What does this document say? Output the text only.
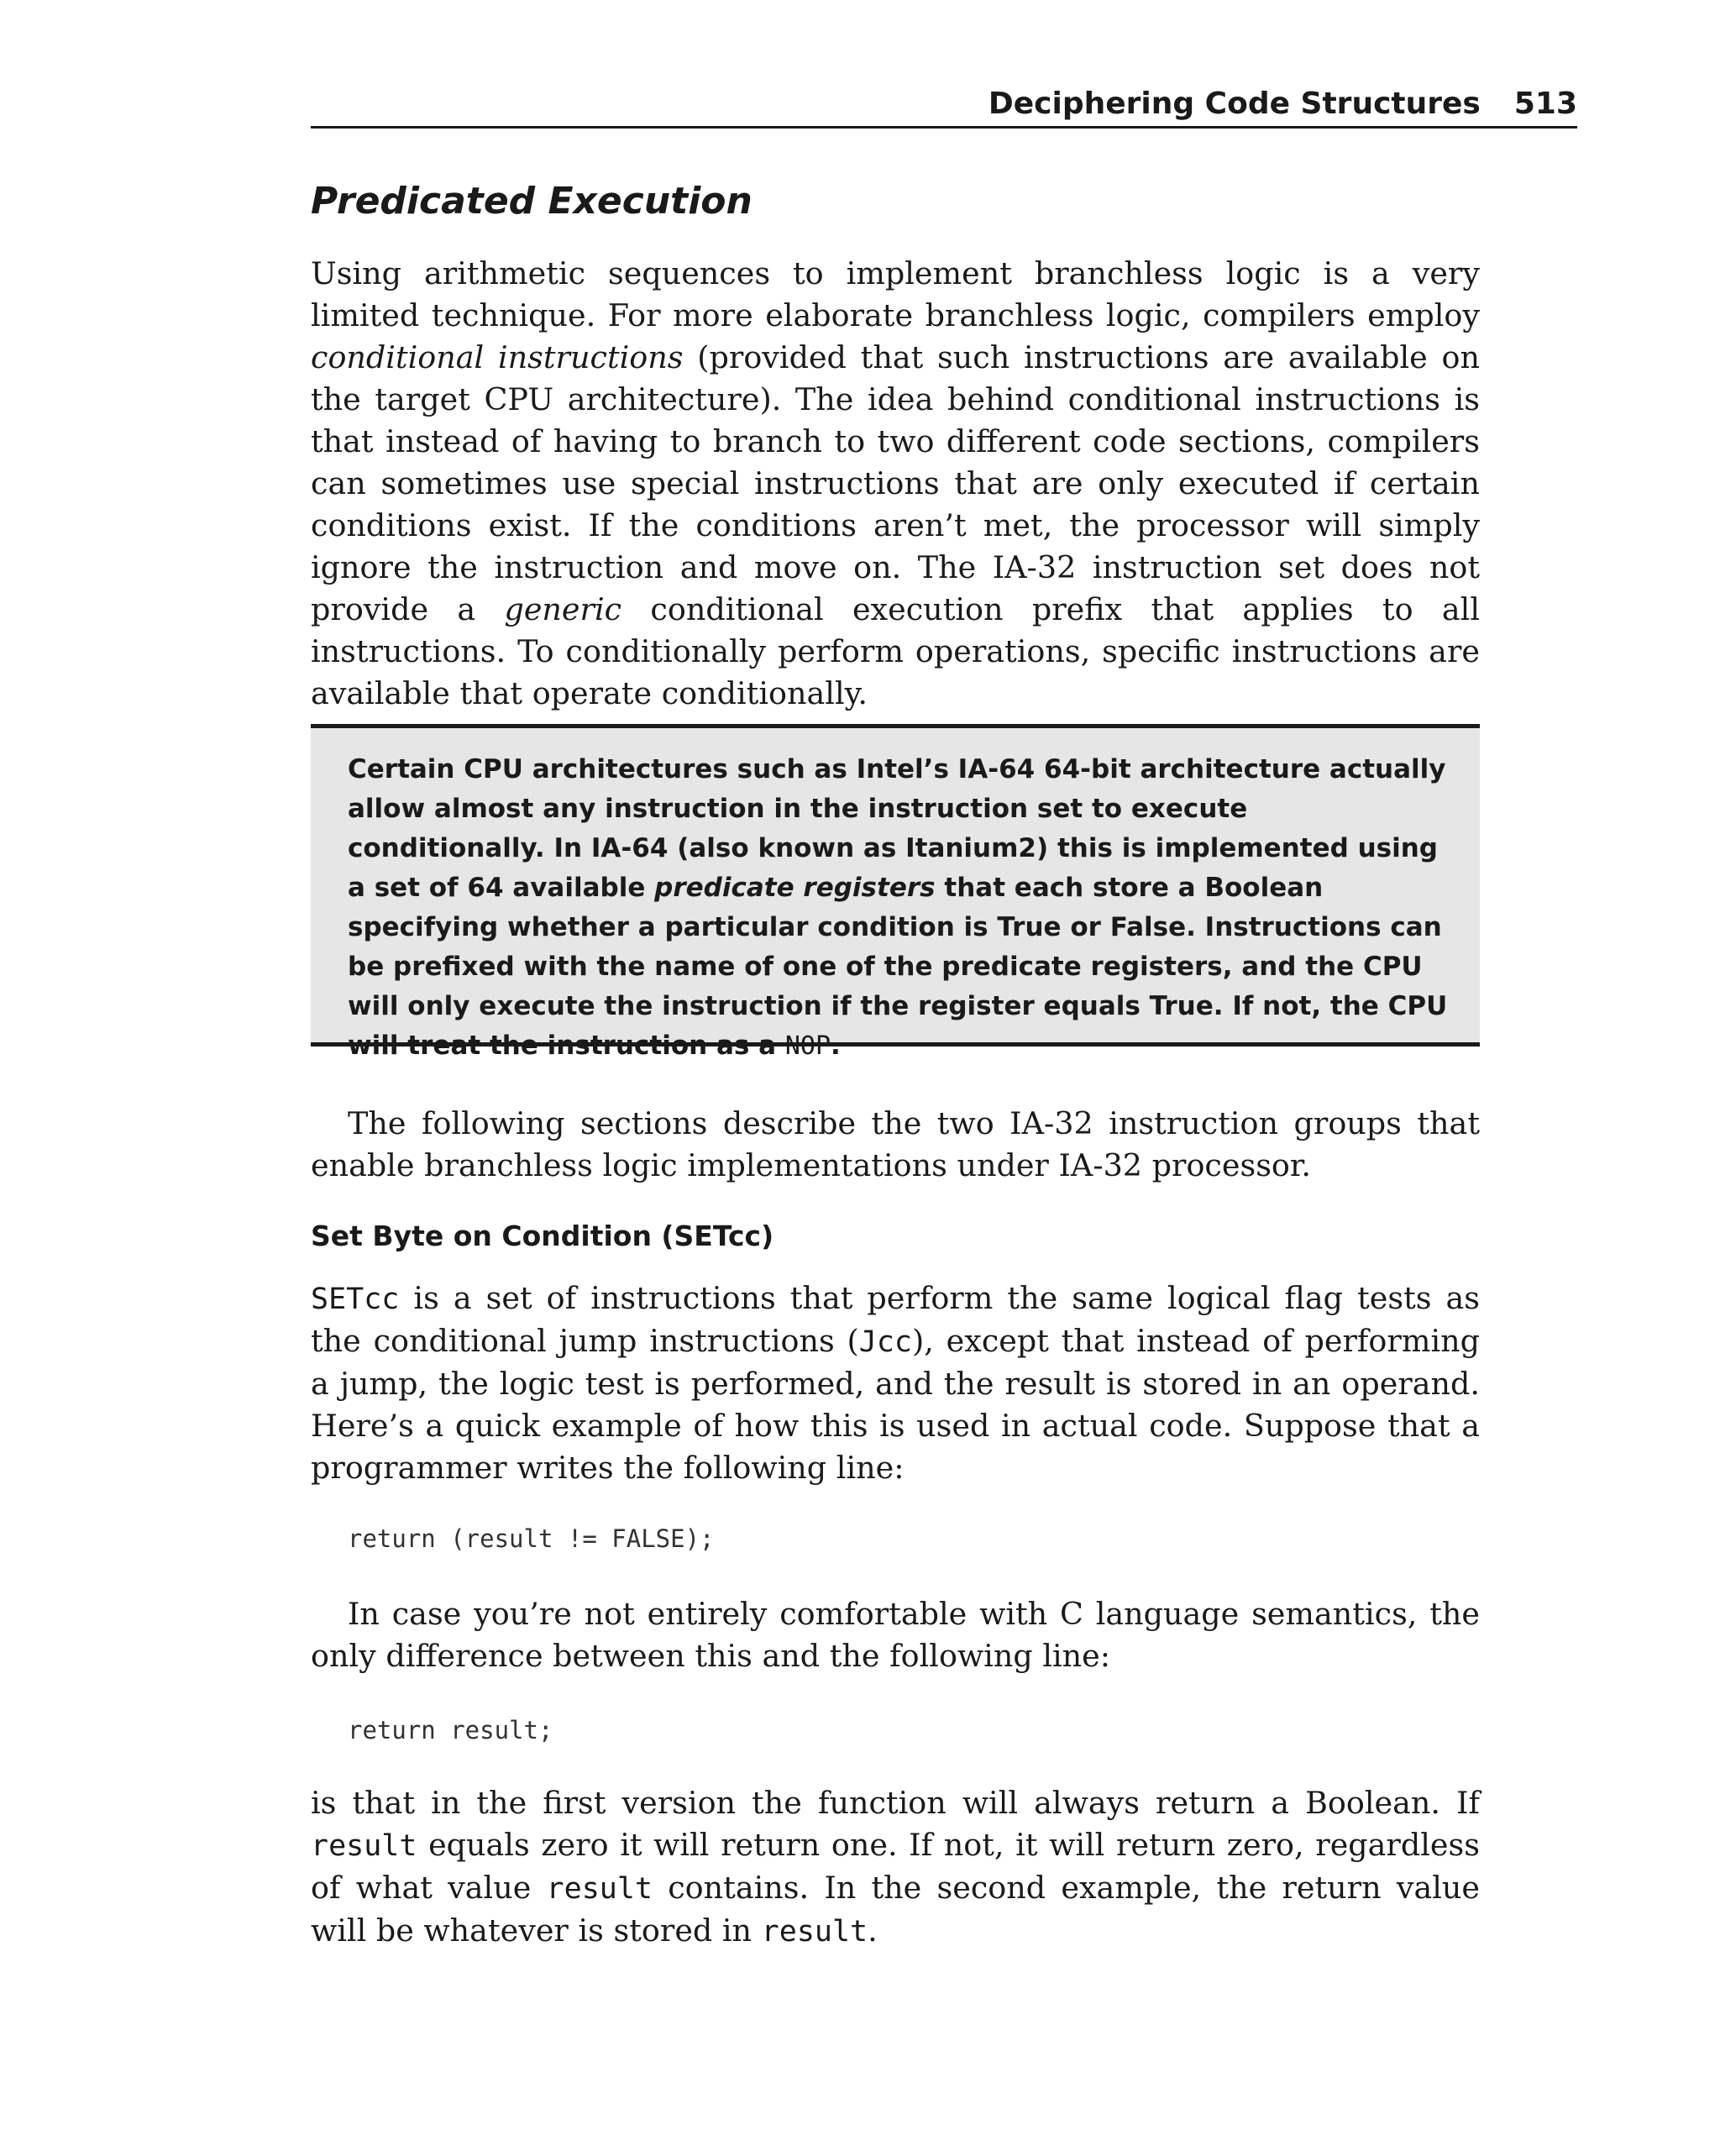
Deciphering Code Structures 513
Predicated Execution

Using arithmetic sequences to implement branchless logic is a very limited technique. For more elaborate branchless logic, compilers employ conditional instructions (provided that such instructions are available on the target CPU architecture). The idea behind conditional instructions is that instead of having to branch to two different code sections, compilers can sometimes use special instructions that are only executed if certain conditions exist. If the conditions aren’t met, the processor will simply ignore the instruction and move on. The IA-32 instruction set does not provide a generic conditional execution prefix that applies to all instructions. To conditionally perform operations, specific instructions are available that operate conditionally.

Certain CPU architectures such as Intel’s IA-64 64-bit architecture actually allow almost any instruction in the instruction set to execute conditionally. In IA-64 (also known as Itanium2) this is implemented using a set of 64 available predicate registers that each store a Boolean specifying whether a particular condition is True or False. Instructions can be prefixed with the name of one of the predicate registers, and the CPU will only execute the instruction if the register equals True. If not, the CPU will treat the instruction as a NOP.

The following sections describe the two IA-32 instruction groups that enable branchless logic implementations under IA-32 processor.

Set Byte on Condition (SETcc)

SETcc is a set of instructions that perform the same logical flag tests as the conditional jump instructions (Jcc), except that instead of performing a jump, the logic test is performed, and the result is stored in an operand. Here’s a quick example of how this is used in actual code. Suppose that a programmer writes the following line:

return (result != FALSE);

In case you’re not entirely comfortable with C language semantics, the only difference between this and the following line:

return result;

is that in the first version the function will always return a Boolean. If result equals zero it will return one. If not, it will return zero, regardless of what value result contains. In the second example, the return value will be whatever is stored in result.
